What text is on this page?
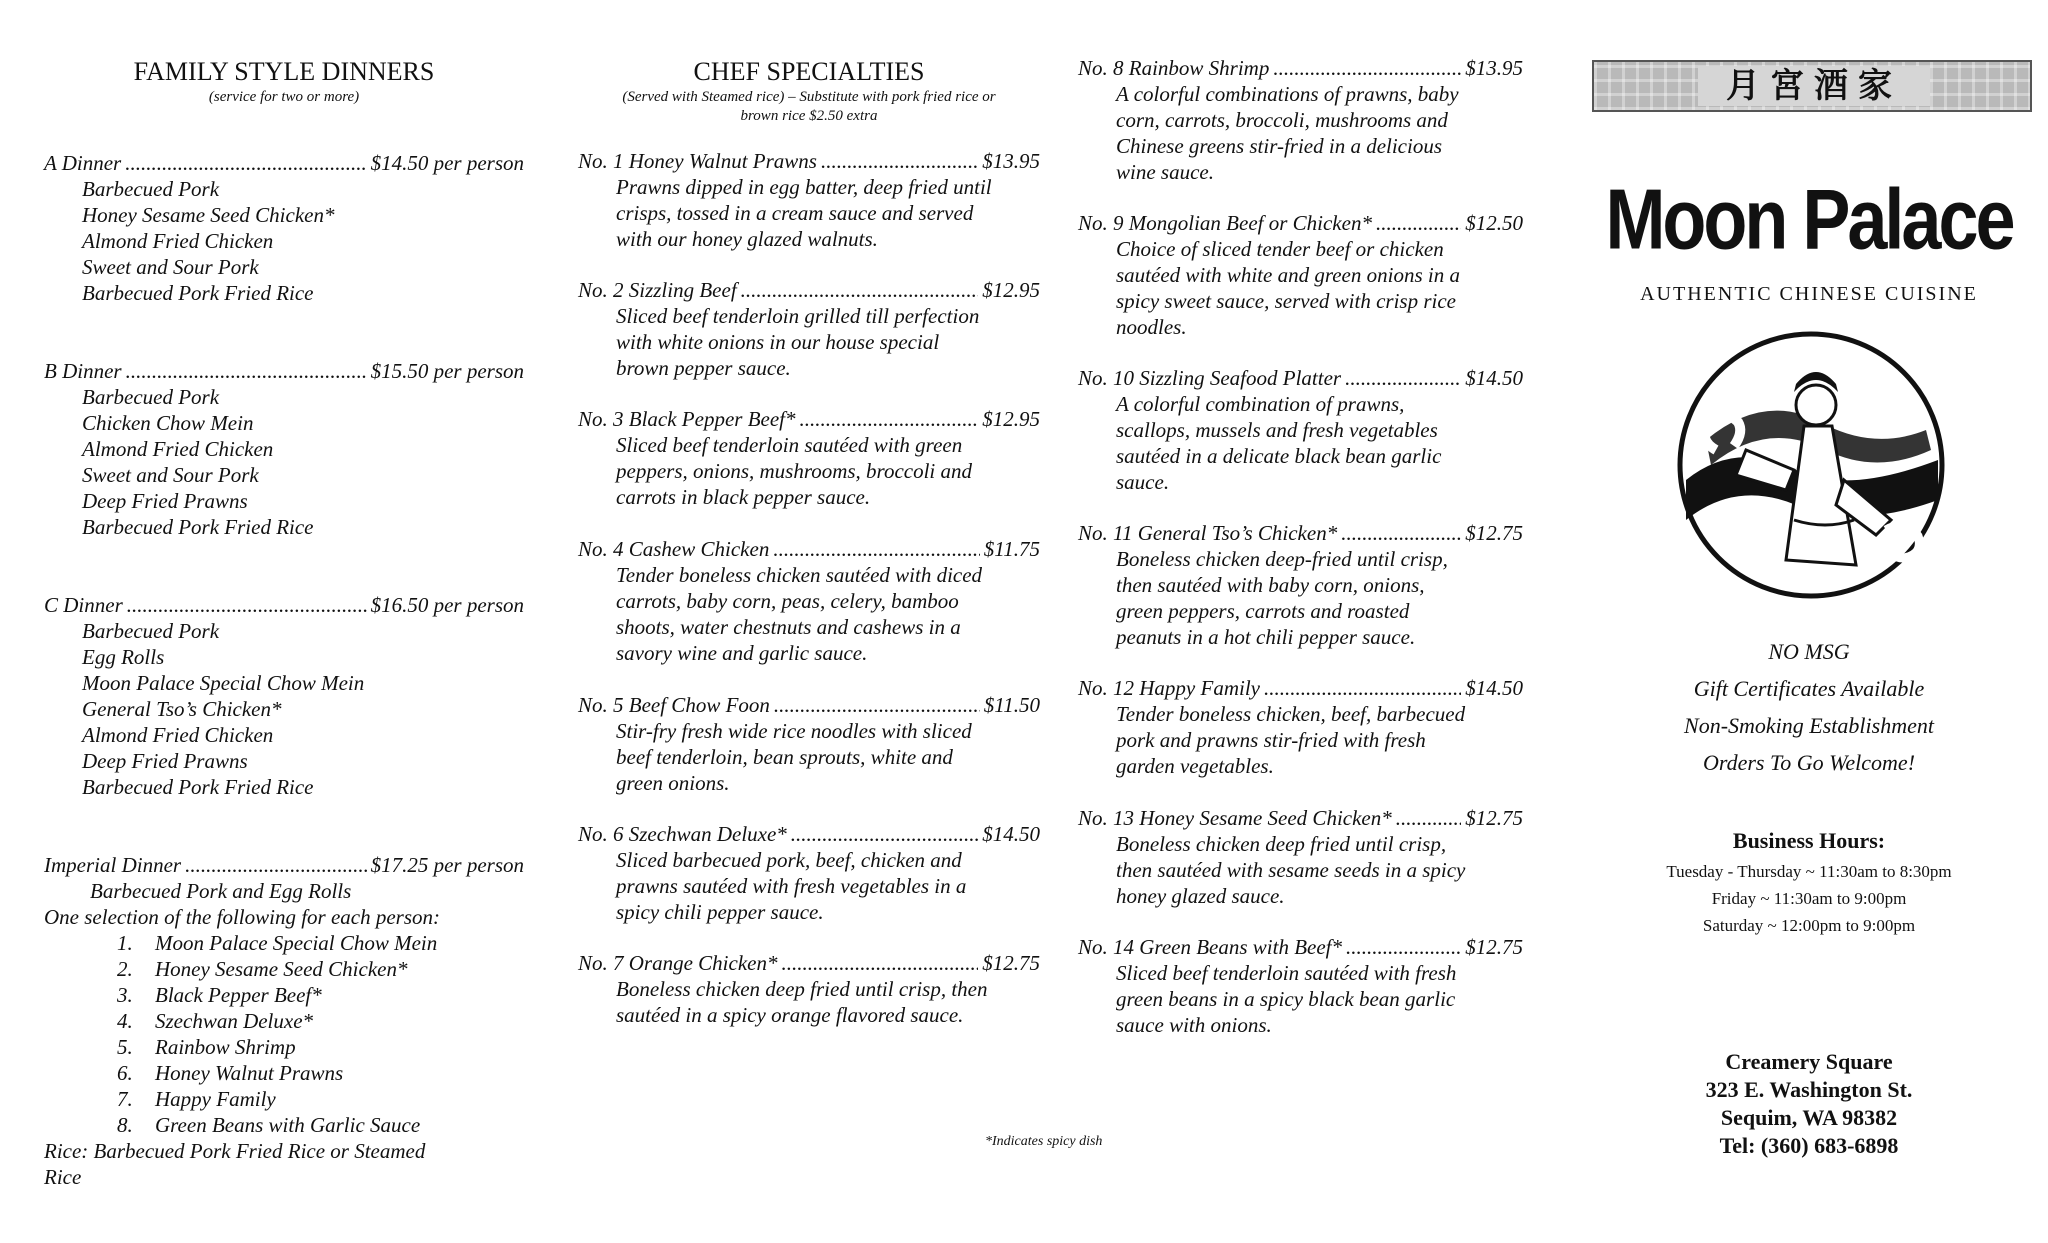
FAMILY STYLE DINNERS
(service for two or more)
A Dinner .....	$14.50 per person
Barbecued Pork
Honey Sesame Seed Chicken*
Almond Fried Chicken
Sweet and Sour Pork
Barbecued Pork Fried Rice
B Dinner .....	$15.50 per person
Barbecued Pork
Chicken Chow Mein
Almond Fried Chicken
Sweet and Sour Pork
Deep Fried Prawns
Barbecued Pork Fried Rice
C Dinner .....	$16.50 per person
Barbecued Pork
Egg Rolls
Moon Palace Special Chow Mein
General Tso’s Chicken*
Almond Fried Chicken
Deep Fried Prawns
Barbecued Pork Fried Rice
Imperial Dinner .....	$17.25 per person
Barbecued Pork and Egg Rolls
One selection of the following for each person:
1.	Moon Palace Special Chow Mein
2.	Honey Sesame Seed Chicken*
3.	Black Pepper Beef*
4.	Szechwan Deluxe*
5.	Rainbow Shrimp
6.	Honey Walnut Prawns
7.	Happy Family
8.	Green Beans with Garlic Sauce
Rice: Barbecued Pork Fried Rice or Steamed
Rice
CHEF SPECIALTIES
(Served with Steamed rice) – Substitute with pork fried rice or
brown rice $2.50 extra
No. 1 Honey Walnut Prawns .....	$13.95
Prawns dipped in egg batter, deep fried until
crisps, tossed in a cream sauce and served
with our honey glazed walnuts.
No. 2 Sizzling Beef .....	$12.95
Sliced beef tenderloin grilled till perfection
with white onions in our house special
brown pepper sauce.
No. 3 Black Pepper Beef* .....	$12.95
Sliced beef tenderloin sautéed with green
peppers, onions, mushrooms, broccoli and
carrots in black pepper sauce.
No. 4 Cashew Chicken .....	$11.75
Tender boneless chicken sautéed with diced
carrots, baby corn, peas, celery, bamboo
shoots, water chestnuts and cashews in a
savory wine and garlic sauce.
No. 5 Beef Chow Foon .....	$11.50
Stir-fry fresh wide rice noodles with sliced
beef tenderloin, bean sprouts, white and
green onions.
No. 6 Szechwan Deluxe* .....	$14.50
Sliced barbecued pork, beef, chicken and
prawns sautéed with fresh vegetables in a
spicy chili pepper sauce.
No. 7 Orange Chicken* .....	$12.75
Boneless chicken deep fried until crisp, then
sautéed in a spicy orange flavored sauce.
No. 8 Rainbow Shrimp .....	$13.95
A colorful combinations of prawns, baby
corn, carrots, broccoli, mushrooms and
Chinese greens stir-fried in a delicious
wine sauce.
No. 9 Mongolian Beef or Chicken* .....	$12.50
Choice of sliced tender beef or chicken
sautéed with white and green onions in a
spicy sweet sauce, served with crisp rice
noodles.
No. 10 Sizzling Seafood Platter .....	$14.50
A colorful combination of prawns,
scallops, mussels and fresh vegetables
sautéed in a delicate black bean garlic
sauce.
No. 11 General Tso’s Chicken* .....	$12.75
Boneless chicken deep-fried until crisp,
then sautéed with baby corn, onions,
green peppers, carrots and roasted
peanuts in a hot chili pepper sauce.
No. 12 Happy Family .....	$14.50
Tender boneless chicken, beef, barbecued
pork and prawns stir-fried with fresh
garden vegetables.
No. 13 Honey Sesame Seed Chicken* .....	$12.75
Boneless chicken deep fried until crisp,
then sautéed with sesame seeds in a spicy
honey glazed sauce.
No. 14 Green Beans with Beef* .....	$12.75
Sliced beef tenderloin sautéed with fresh
green beans in a spicy black bean garlic
sauce with onions.
*Indicates spicy dish
月宮酒家
Moon Palace
AUTHENTIC CHINESE CUISINE
NO MSG
Gift Certificates Available
Non-Smoking Establishment
Orders To Go Welcome!
Business Hours:
Tuesday - Thursday ~ 11:30am to 8:30pm
Friday ~ 11:30am to 9:00pm
Saturday ~ 12:00pm to 9:00pm
Creamery Square
323 E. Washington St.
Sequim, WA 98382
Tel: (360) 683-6898
